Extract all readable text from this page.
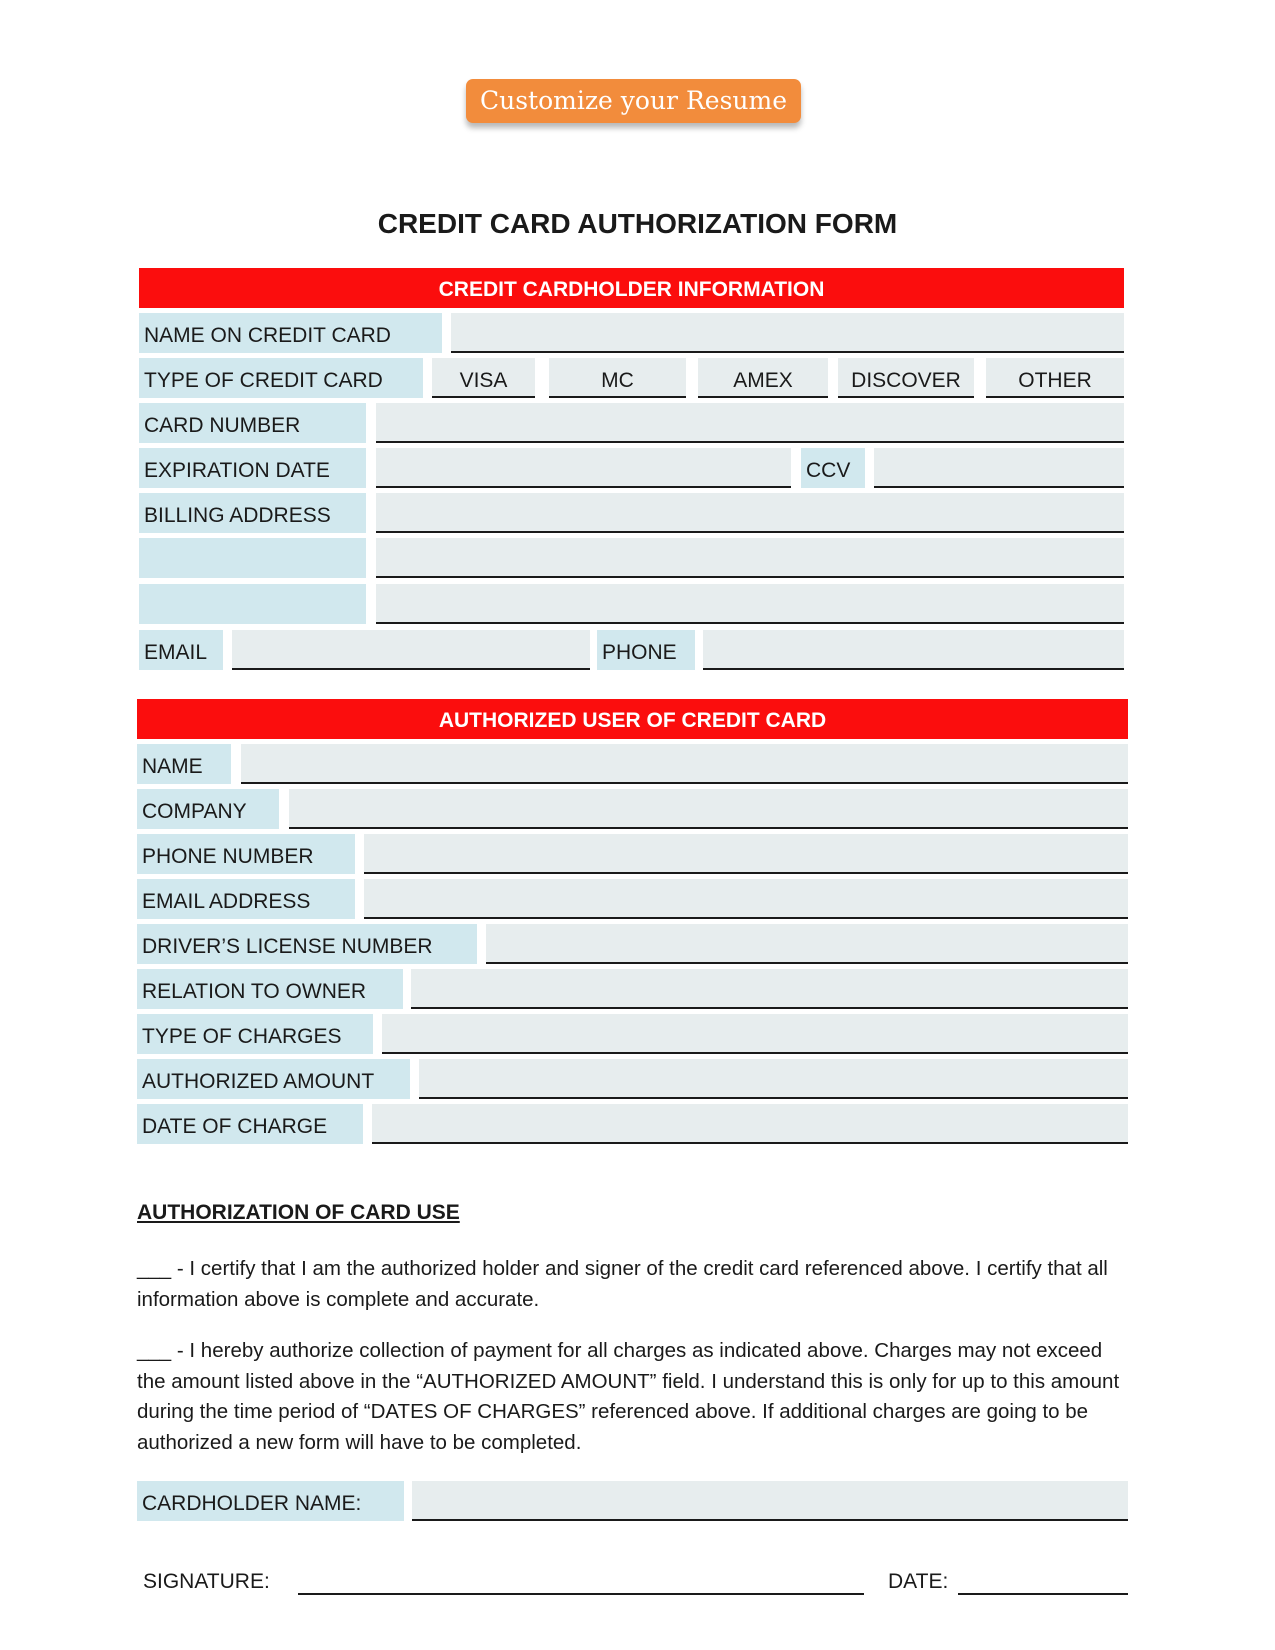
Customize your Resume
CREDIT CARD AUTHORIZATION FORM
CREDIT CARDHOLDER INFORMATION
NAME ON CREDIT CARD
TYPE OF CREDIT CARD	VISA	MC	AMEX	DISCOVER	OTHER
CARD NUMBER
EXPIRATION DATE	CCV
BILLING ADDRESS
EMAIL	PHONE
AUTHORIZED USER OF CREDIT CARD
NAME
COMPANY
PHONE NUMBER
EMAIL ADDRESS
DRIVER’S LICENSE NUMBER
RELATION TO OWNER
TYPE OF CHARGES
AUTHORIZED AMOUNT
DATE OF CHARGE
AUTHORIZATION OF CARD USE
___ - I certify that I am the authorized holder and signer of the credit card referenced above. I certify that all information above is complete and accurate.
___ - I hereby authorize collection of payment for all charges as indicated above. Charges may not exceed the amount listed above in the “AUTHORIZED AMOUNT” field. I understand this is only for up to this amount during the time period of “DATES OF CHARGES” referenced above. If additional charges are going to be authorized a new form will have to be completed.
CARDHOLDER NAME:
SIGNATURE:	DATE:
